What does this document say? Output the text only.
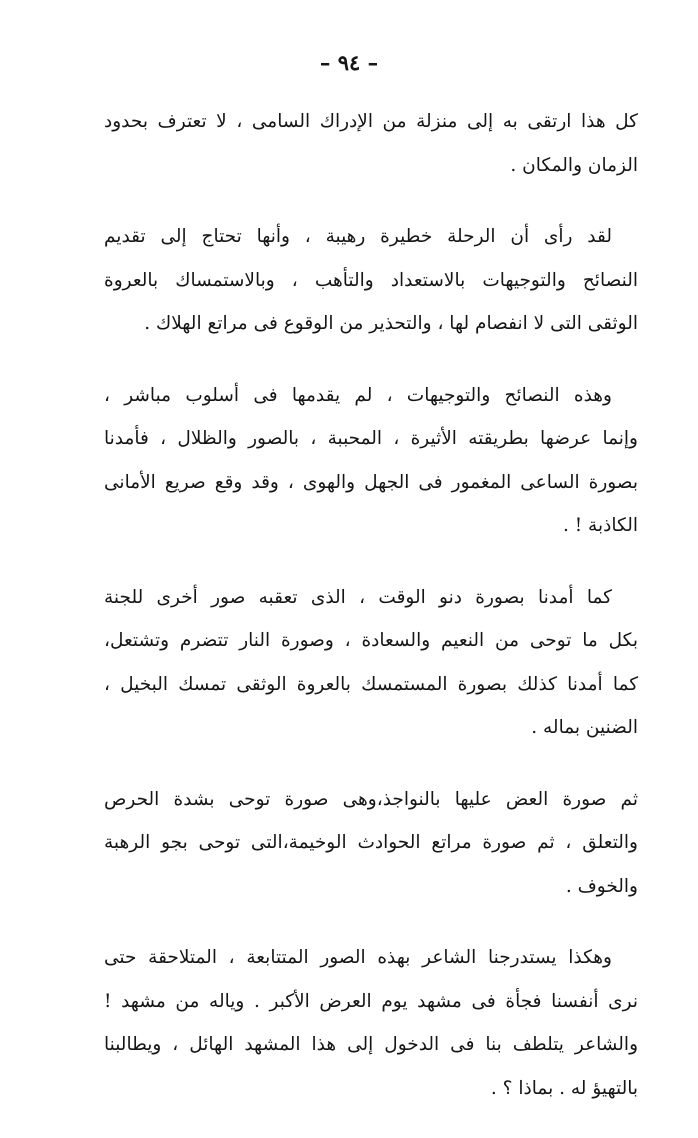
– ٩٤ –

كل هذا ارتقى به إلى منزلة من الإدراك السامى ، لا تعترف بحدود
الزمان والمكان .

لقد رأى أن الرحلة خطيرة رهيبة ، وأنها تحتاج إلى تقديم
النصائح والتوجيهات بالاستعداد والتأهب ، وبالاستمساك بالعروة
الوثقى التى لا انفصام لها ، والتحذير من الوقوع فى مراتع الهلاك .

وهذه النصائح والتوجيهات ، لم يقدمها فى أسلوب مباشر ،
وإنما عرضها بطريقته الأثيرة ، المحببة ، بالصور والظلال ، فأمدنا
بصورة الساعى المغمور فى الجهل والهوى ، وقد وقع صريع الأمانى
الكاذبة ! .

كما أمدنا بصورة دنو الوقت ، الذى تعقبه صور أخرى للجنة
بكل ما توحى من النعيم والسعادة ، وصورة النار تتضرم وتشتعل،
كما أمدنا كذلك بصورة المستمسك بالعروة الوثقى تمسك البخيل ،
الضنين بماله .

ثم صورة العض عليها بالنواجذ،وهى صورة توحى بشدة الحرص
والتعلق ، ثم صورة مراتع الحوادث الوخيمة،التى توحى بجو الرهبة
والخوف .

وهكذا يستدرجنا الشاعر بهذه الصور المتتابعة ، المتلاحقة حتى
نرى أنفسنا فجأة فى مشهد يوم العرض الأكبر . وياله من مشهد !
والشاعر يتلطف بنا فى الدخول إلى هذا المشهد الهائل ، ويطالبنا
بالتهيؤ له . بماذا ؟ .
